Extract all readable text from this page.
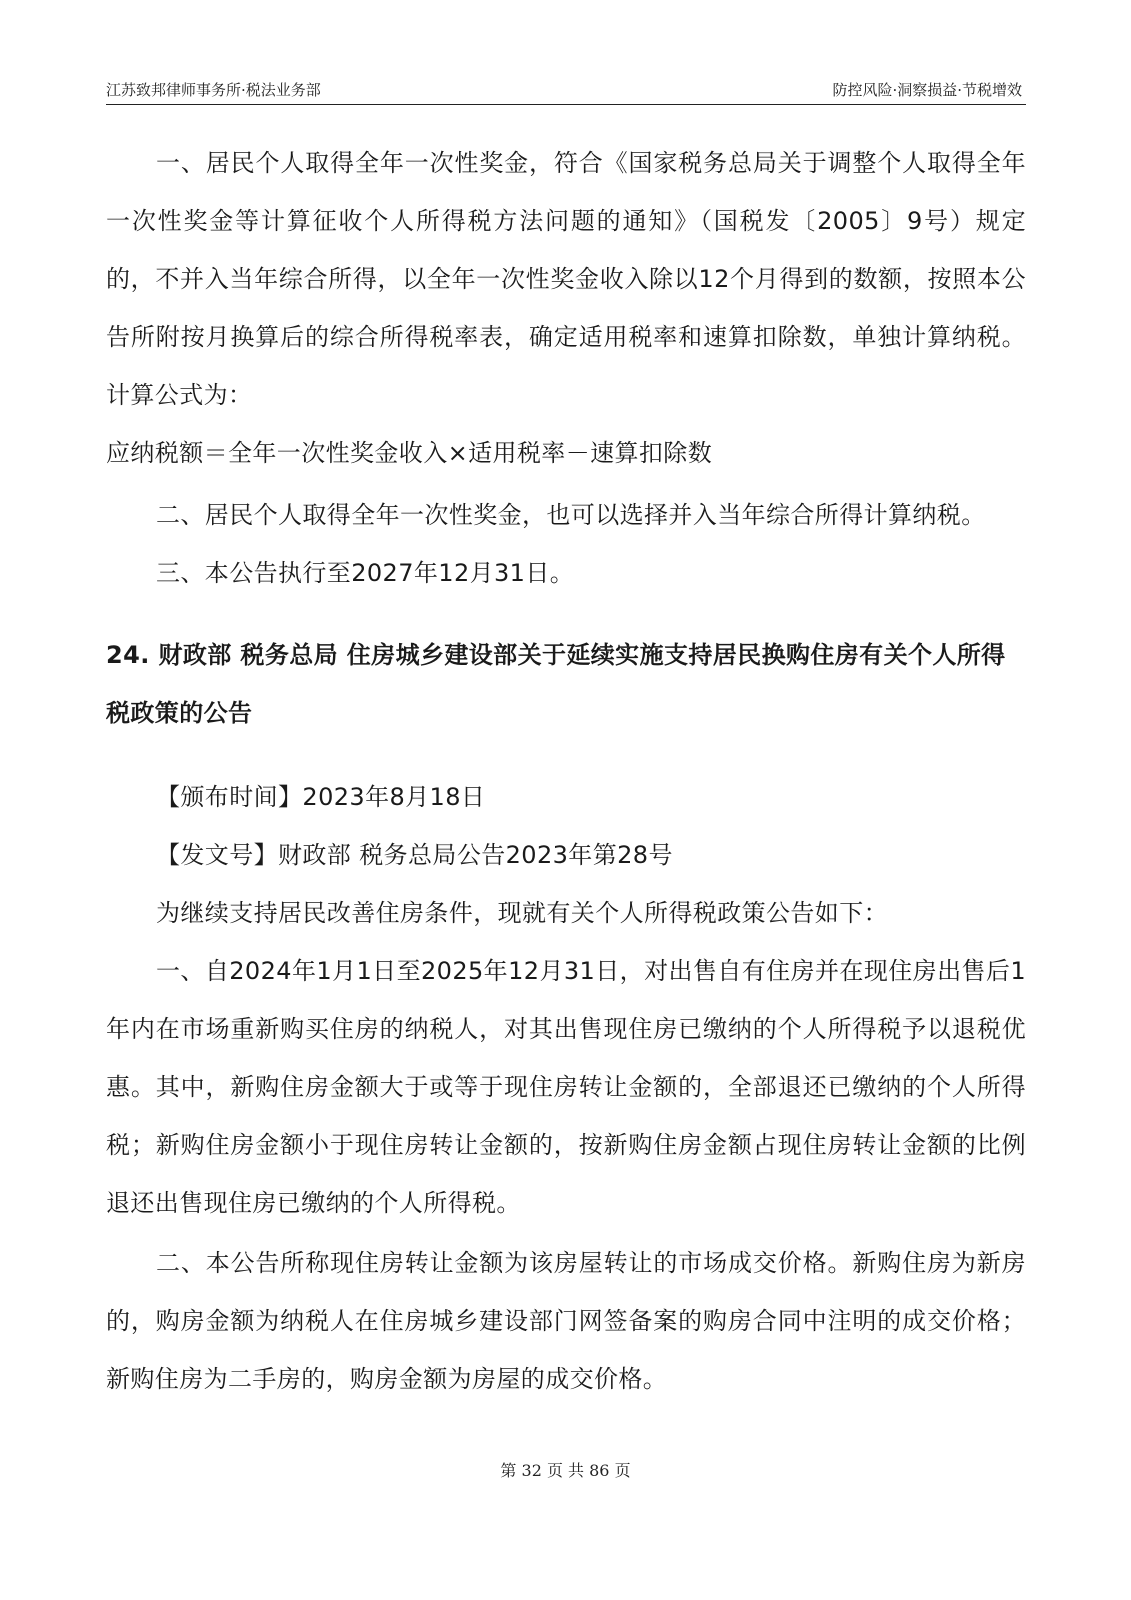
江苏致邦律师事务所·税法业务部	防控风险·洞察损益·节税增效

一、居民个人取得全年一次性奖金，符合《国家税务总局关于调整个人取得全年一次性奖金等计算征收个人所得税方法问题的通知》（国税发〔2005〕9号）规定的，不并入当年综合所得，以全年一次性奖金收入除以12个月得到的数额，按照本公告所附按月换算后的综合所得税率表，确定适用税率和速算扣除数，单独计算纳税。计算公式为：

应纳税额＝全年一次性奖金收入×适用税率－速算扣除数

二、居民个人取得全年一次性奖金，也可以选择并入当年综合所得计算纳税。

三、本公告执行至2027年12月31日。

24. 财政部 税务总局 住房城乡建设部关于延续实施支持居民换购住房有关个人所得税政策的公告

【颁布时间】2023年8月18日

【发文号】财政部 税务总局公告2023年第28号

为继续支持居民改善住房条件，现就有关个人所得税政策公告如下：

一、自2024年1月1日至2025年12月31日，对出售自有住房并在现住房出售后1年内在市场重新购买住房的纳税人，对其出售现住房已缴纳的个人所得税予以退税优惠。其中，新购住房金额大于或等于现住房转让金额的，全部退还已缴纳的个人所得税；新购住房金额小于现住房转让金额的，按新购住房金额占现住房转让金额的比例退还出售现住房已缴纳的个人所得税。

二、本公告所称现住房转让金额为该房屋转让的市场成交价格。新购住房为新房的，购房金额为纳税人在住房城乡建设部门网签备案的购房合同中注明的成交价格；新购住房为二手房的，购房金额为房屋的成交价格。

第 32 页 共 86 页
